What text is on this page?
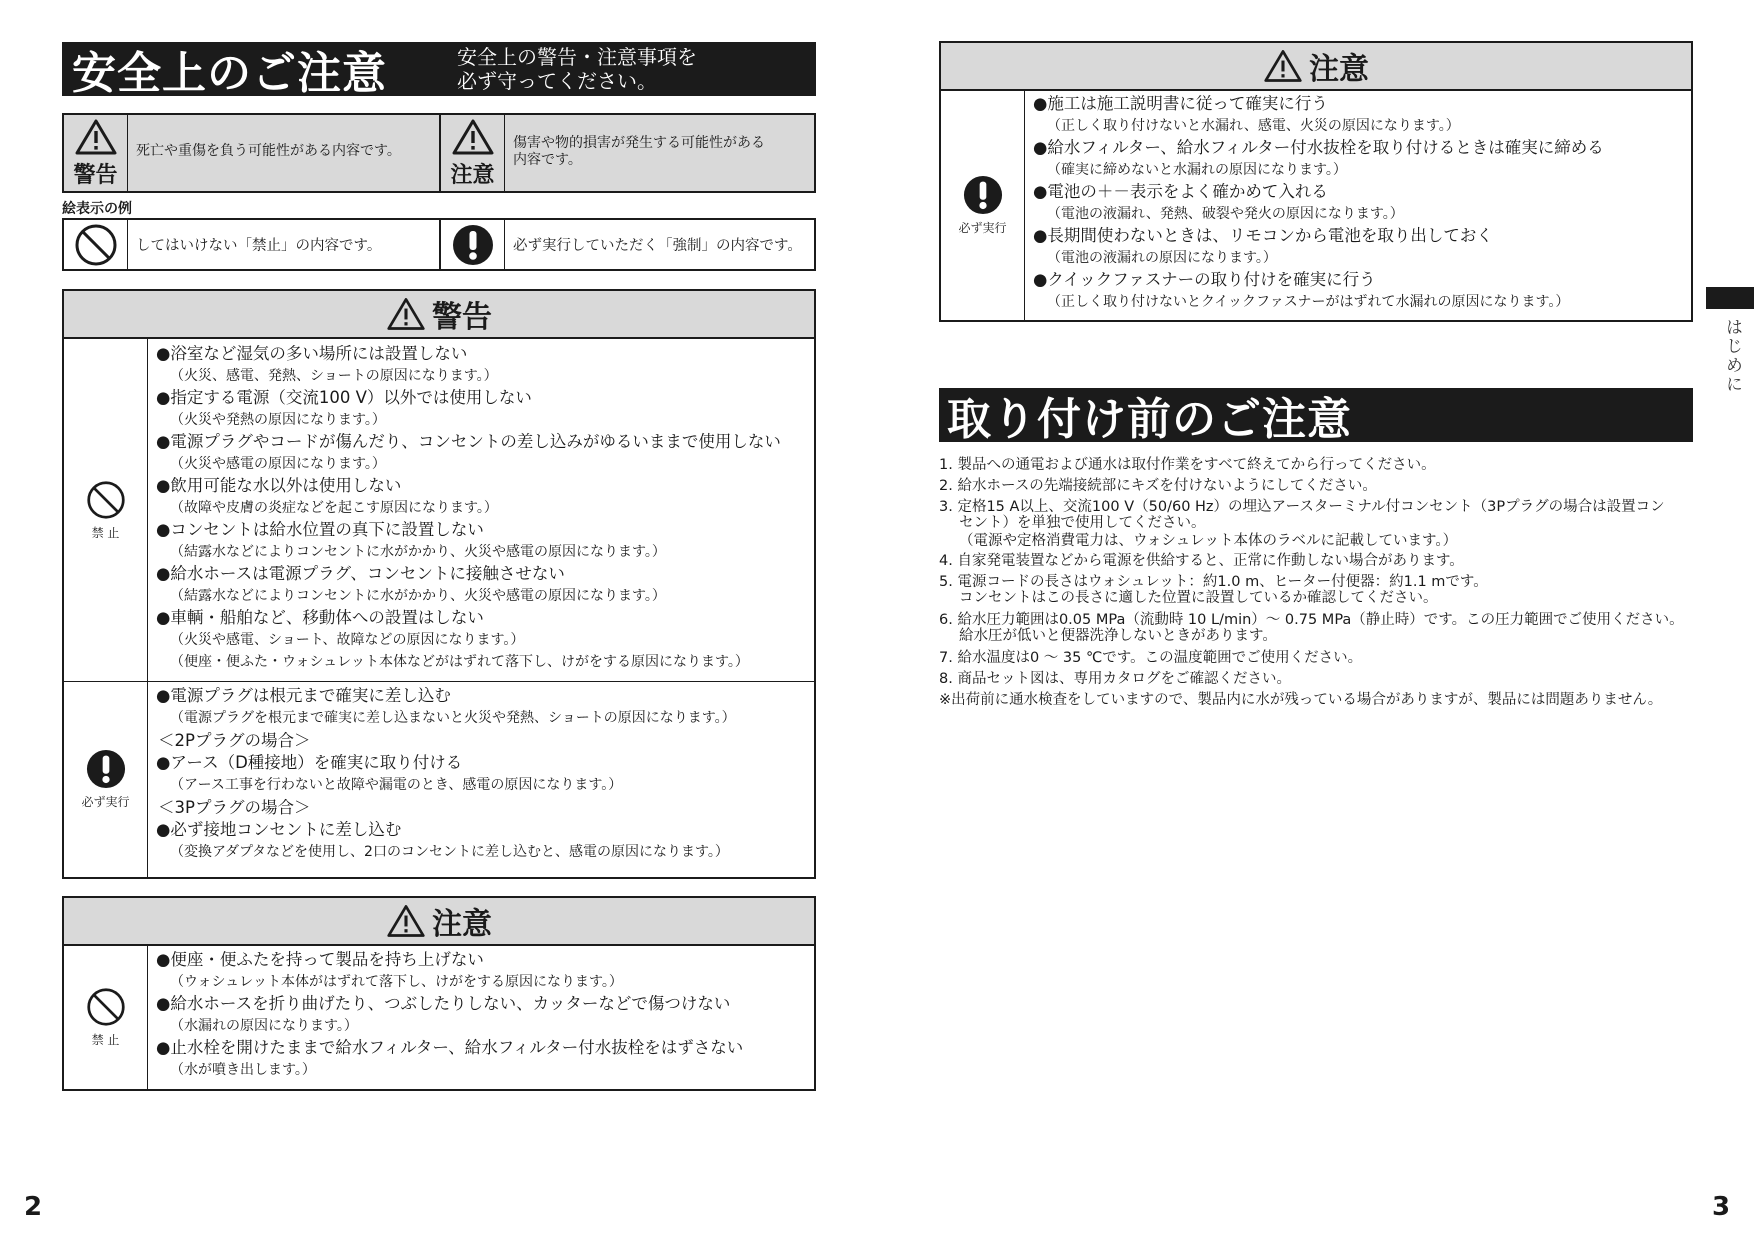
安全上のご注意	安全上の警告・注意事項を
必ず守ってください。
警告
死亡や重傷を負う可能性がある内容です。
注意
傷害や物的損害が発生する可能性がある
内容です。
絵表示の例
してはいけない「禁止」の内容です。	必ず実行していただく「強制」の内容です。
警告
禁 止
●浴室など湿気の多い場所には設置しない
（火災、感電、発熱、ショートの原因になります。）
●指定する電源（交流100 V）以外では使用しない
（火災や発熱の原因になります。）
●電源プラグやコードが傷んだり、コンセントの差し込みがゆるいままで使用しない
（火災や感電の原因になります。）
●飲用可能な水以外は使用しない
（故障や皮膚の炎症などを起こす原因になります。）
●コンセントは給水位置の真下に設置しない
（結露水などによりコンセントに水がかかり、火災や感電の原因になります。）
●給水ホースは電源プラグ、コンセントに接触させない
（結露水などによりコンセントに水がかかり、火災や感電の原因になります。）
●車輌・船舶など、移動体への設置はしない
（火災や感電、ショート、故障などの原因になります。）
（便座・便ふた・ウォシュレット本体などがはずれて落下し、けがをする原因になります。）
必ず実行
●電源プラグは根元まで確実に差し込む
（電源プラグを根元まで確実に差し込まないと火災や発熱、ショートの原因になります。）
＜2Pプラグの場合＞
●アース（D種接地）を確実に取り付ける
（アース工事を行わないと故障や漏電のとき、感電の原因になります。）
＜3Pプラグの場合＞
●必ず接地コンセントに差し込む
（変換アダプタなどを使用し、2口のコンセントに差し込むと、感電の原因になります。）
注意
禁 止
●便座・便ふたを持って製品を持ち上げない
（ウォシュレット本体がはずれて落下し、けがをする原因になります。）
●給水ホースを折り曲げたり、つぶしたりしない、カッターなどで傷つけない
（水漏れの原因になります。）
●止水栓を開けたままで給水フィルター、給水フィルター付水抜栓をはずさない
（水が噴き出します。）
2
注意
必ず実行
●施工は施工説明書に従って確実に行う
（正しく取り付けないと水漏れ、感電、火災の原因になります。）
●給水フィルター、給水フィルター付水抜栓を取り付けるときは確実に締める
（確実に締めないと水漏れの原因になります。）
●電池の＋－表示をよく確かめて入れる
（電池の液漏れ、発熱、破裂や発火の原因になります。）
●長期間使わないときは、リモコンから電池を取り出しておく
（電池の液漏れの原因になります。）
●クイックファスナーの取り付けを確実に行う
（正しく取り付けないとクイックファスナーがはずれて水漏れの原因になります。）
取り付け前のご注意
1. 製品への通電および通水は取付作業をすべて終えてから行ってください。
2. 給水ホースの先端接続部にキズを付けないようにしてください。
3. 定格15 A以上、交流100 V（50/60 Hz）の埋込アースターミナル付コンセント（3Pプラグの場合は設置コン
セント）を単独で使用してください。
（電源や定格消費電力は、ウォシュレット本体のラベルに記載しています。）
4. 自家発電装置などから電源を供給すると、正常に作動しない場合があります。
5. 電源コードの長さはウォシュレット：約1.0 m、ヒーター付便器：約1.1 mです。
コンセントはこの長さに適した位置に設置しているか確認してください。
6. 給水圧力範囲は0.05 MPa（流動時 10 L/min）～ 0.75 MPa（静止時）です。この圧力範囲でご使用ください。
給水圧が低いと便器洗浄しないときがあります。
7. 給水温度は0 ～ 35 ℃です。この温度範囲でご使用ください。
8. 商品セット図は、専用カタログをご確認ください。
※出荷前に通水検査をしていますので、製品内に水が残っている場合がありますが、製品には問題ありません。
はじめに
3
